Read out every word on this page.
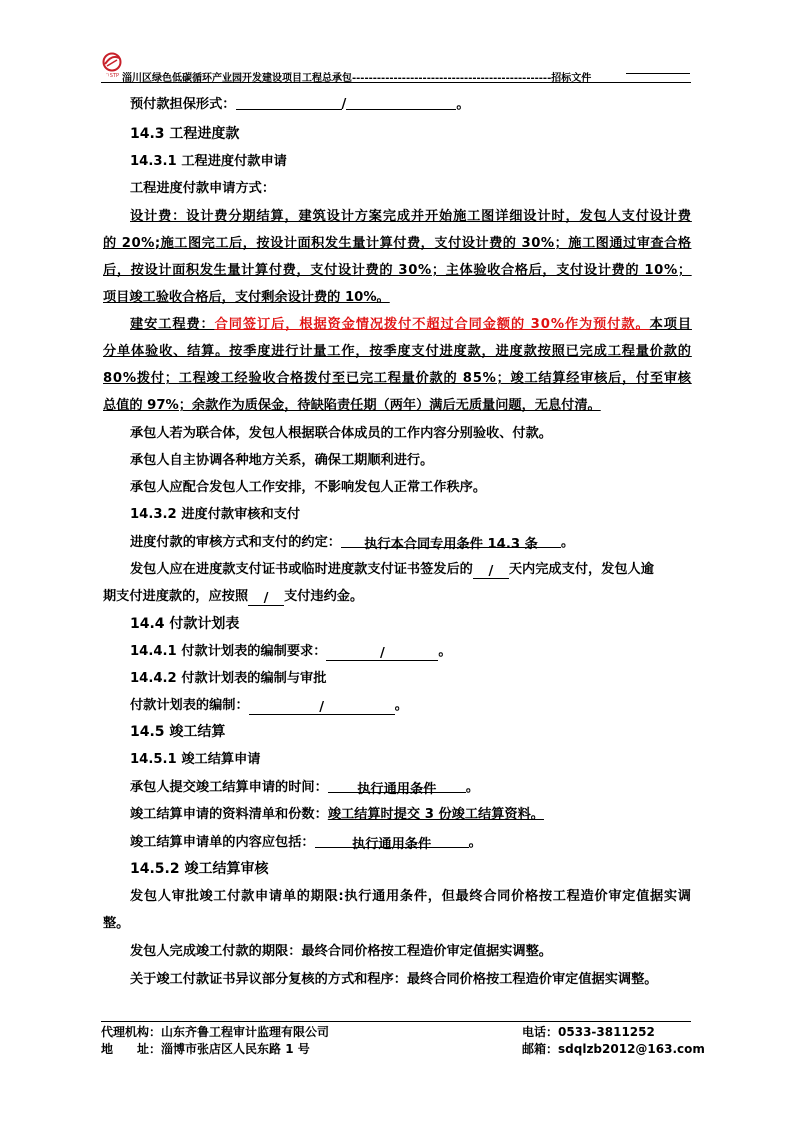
ㄱSTP 淄川区绿色低碳循环产业园开发建设项目工程总承包------------------------------------------------招标文件
预付款担保形式：	/	。
14.3 工程进度款
14.3.1 工程进度付款申请
工程进度付款申请方式：
设计费：设计费分期结算，建筑设计方案完成并开始施工图详细设计时，发包人支付设计费
的 20%;施工图完工后，按设计面积发生量计算付费，支付设计费的 30%；施工图通过审查合格
后，按设计面积发生量计算付费，支付设计费的 30%；主体验收合格后，支付设计费的 10%；
项目竣工验收合格后，支付剩余设计费的 10%。
建安工程费：合同签订后，根据资金情况拨付不超过合同金额的 30%作为预付款。本项目
分单体验收、结算。按季度进行计量工作，按季度支付进度款，进度款按照已完成工程量价款的
80%拨付；工程竣工经验收合格拨付至已完工程量价款的 85%；竣工结算经审核后，付至审核
总值的 97%；余款作为质保金，待缺陷责任期（两年）满后无质量问题，无息付清。
承包人若为联合体，发包人根据联合体成员的工作内容分别验收、付款。
承包人自主协调各种地方关系，确保工期顺利进行。
承包人应配合发包人工作安排，不影响发包人正常工作秩序。
14.3.2 进度付款审核和支付
进度付款的审核方式和支付的约定： 执行本合同专用条件 14.3 条 。
发包人应在进度款支付证书或临时进度款支付证书签发后的 / 天内完成支付，发包人逾
期支付进度款的，应按照 / 支付违约金。
14.4 付款计划表
14.4.1 付款计划表的编制要求：	/	。
14.4.2 付款计划表的编制与审批
付款计划表的编制：	/	。
14.5 竣工结算
14.5.1 竣工结算申请
承包人提交竣工结算申请的时间： 执行通用条件 。
竣工结算申请的资料清单和份数：竣工结算时提交 3 份竣工结算资料。
竣工结算申请单的内容应包括：	执行通用条件	。
14.5.2 竣工结算审核
发包人审批竣工付款申请单的期限:执行通用条件，但最终合同价格按工程造价审定值据实调
整。
发包人完成竣工付款的期限：最终合同价格按工程造价审定值据实调整。
关于竣工付款证书异议部分复核的方式和程序：最终合同价格按工程造价审定值据实调整。
代理机构：山东齐鲁工程审计监理有限公司	电话：0533-3811252
地　　址：淄博市张店区人民东路 1 号	邮箱：sdqlzb2012@163.com
